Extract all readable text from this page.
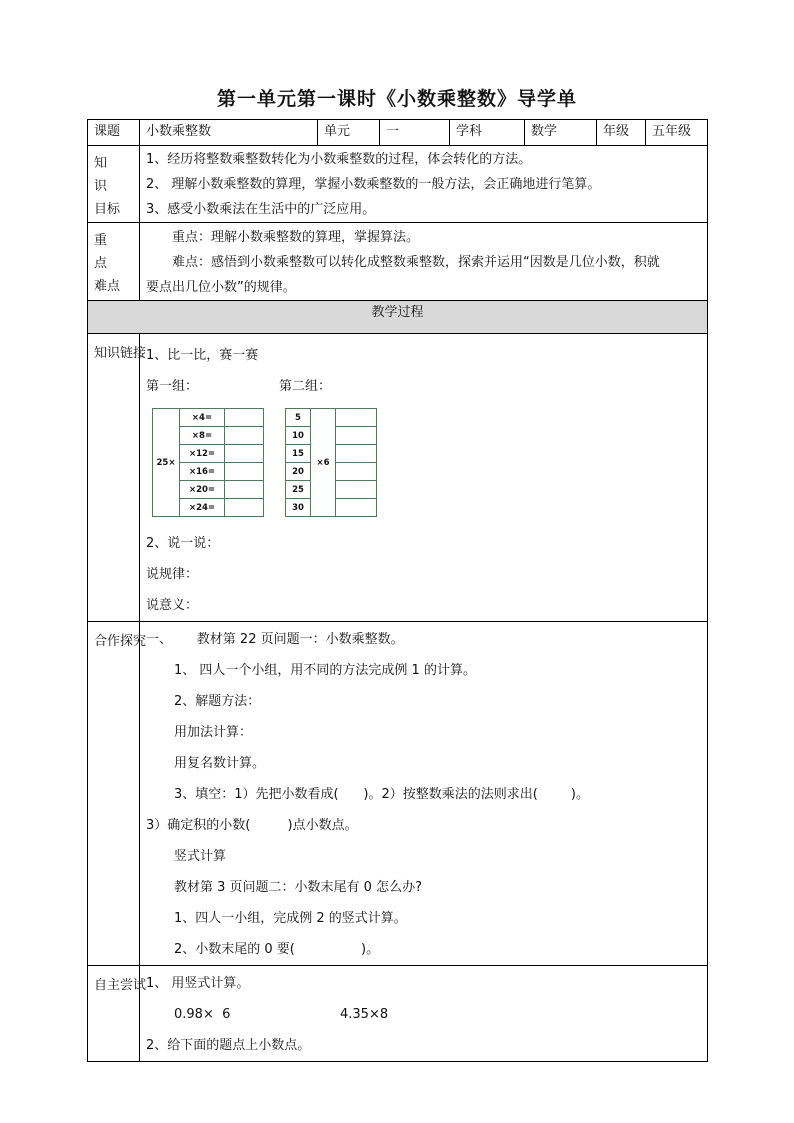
第一单元第一课时《小数乘整数》导学单
课题	小数乘整数	单元	一	学科	数学	年级	五年级

知 识
目标

1、经历将整数乘整数转化为小数乘整数的过程，体会转化的方法。
2、 理解小数乘整数的算理，掌握小数乘整数的一般方法，会正确地进行笔算。
3、感受小数乘法在生活中的广泛应用。

重 点
难点

重点：理解小数乘整数的算理，掌握算法。
难点：感悟到小数乘整数可以转化成整数乘整数，探索并运用“因数是几位小数，积就
要点出几位小数”的规律。

教学过程
知识链接	1、比一比，赛一赛
第一组：	第二组：
25×	×4=	
×8=	
×12=	
×16=	
×20=	
×24=	
5	×6	
10	
15	
20	
25	
30	
2、说一说：
说规律：
说意义：

合作探究	一、      教材第 22 页问题一：小数乘整数。
1、 四人一个小组，用不同的方法完成例 1 的计算。
2、解题方法：
用加法计算：
用复名数计算。
3、填空：1）先把小数看成(      )。2）按整数乘法的法则求出(        )。
3）确定积的小数(         )点小数点。
竖式计算
教材第 3 页问题二：小数末尾有 0 怎么办?
1、四人一小组，完成例 2 的竖式计算。
2、小数末尾的 0 要(                )。

自主尝试	1、 用竖式计算。
0.98×  6	4.35×8
2、给下面的题点上小数点。
